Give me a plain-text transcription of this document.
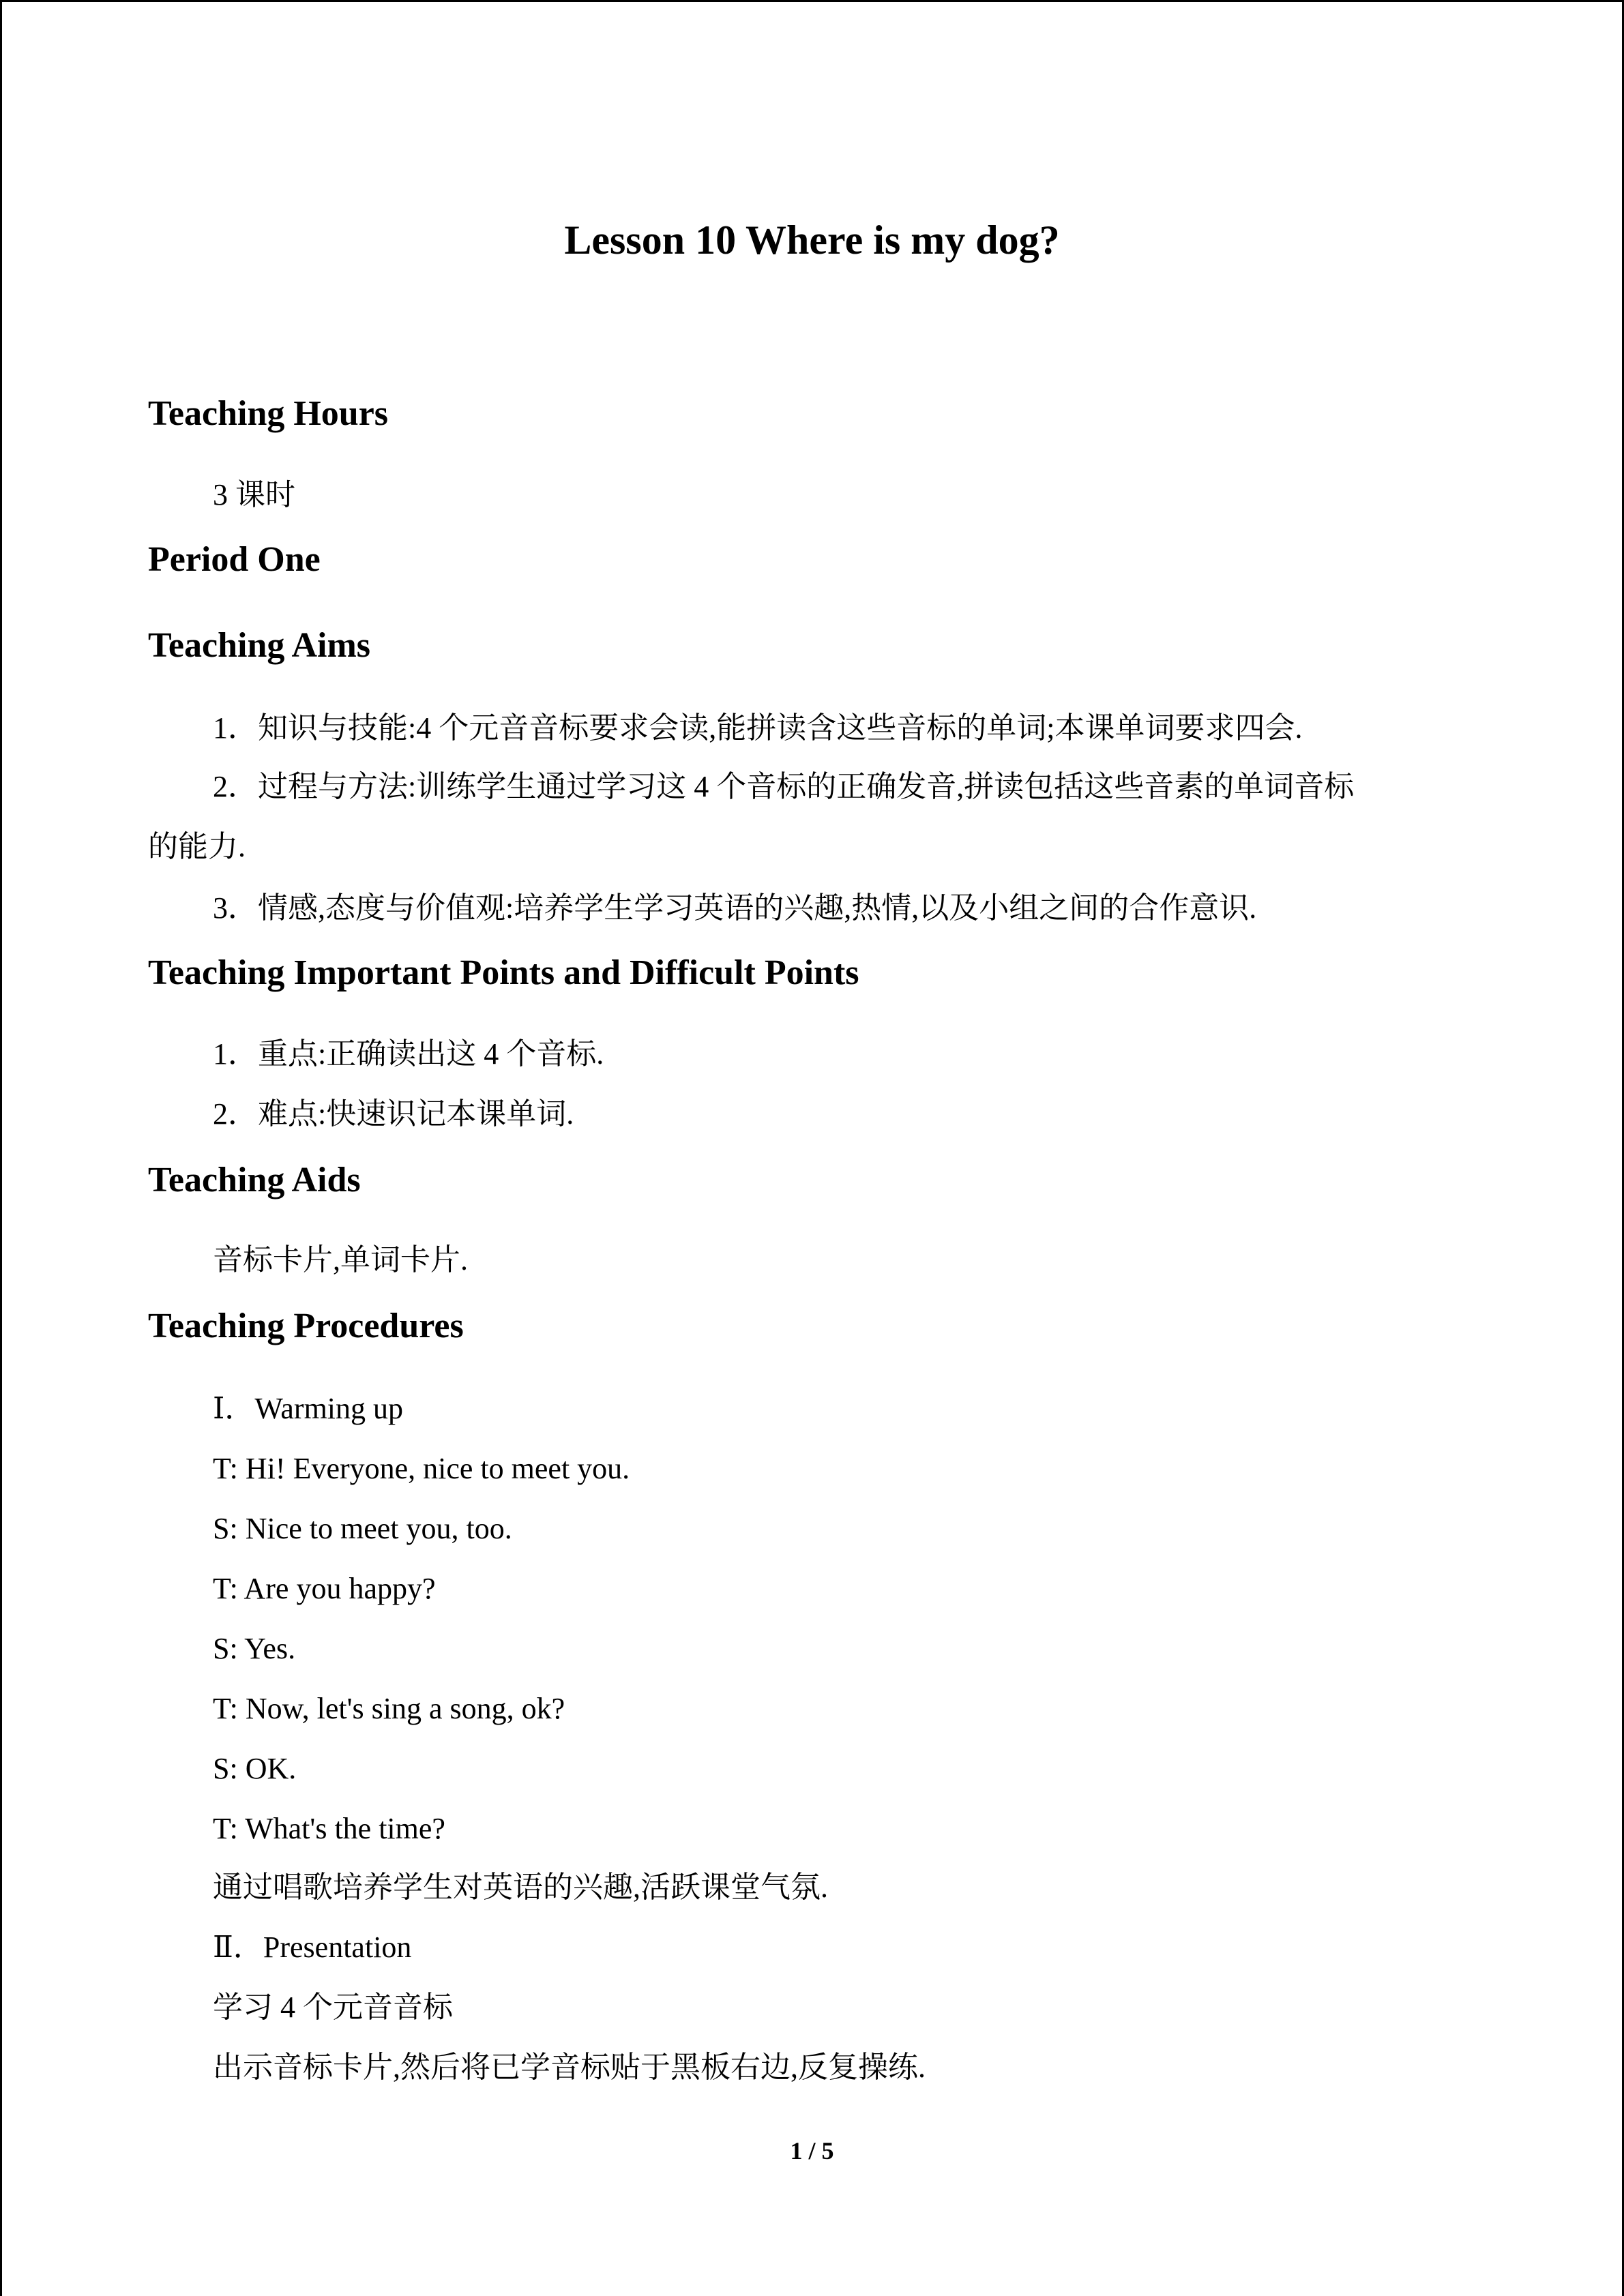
Lesson 10 Where is my dog?
Teaching Hours
3 课时
Period One
Teaching Aims
1．知识与技能:4 个元音音标要求会读,能拼读含这些音标的单词;本课单词要求四会.
2．过程与方法:训练学生通过学习这 4 个音标的正确发音,拼读包括这些音素的单词音标
的能力.
3．情感,态度与价值观:培养学生学习英语的兴趣,热情,以及小组之间的合作意识.
Teaching Important Points and Difficult Points
1．重点:正确读出这 4 个音标.
2．难点:快速识记本课单词.
Teaching Aids
音标卡片,单词卡片.
Teaching Procedures
Ⅰ．Warming up
T: Hi! Everyone, nice to meet you.
S: Nice to meet you, too.
T: Are you happy?
S: Yes.
T: Now, let's sing a song, ok?
S: OK.
T: What's the time?
通过唱歌培养学生对英语的兴趣,活跃课堂气氛.
Ⅱ．Presentation
学习 4 个元音音标
出示音标卡片,然后将已学音标贴于黑板右边,反复操练.
1 / 5
